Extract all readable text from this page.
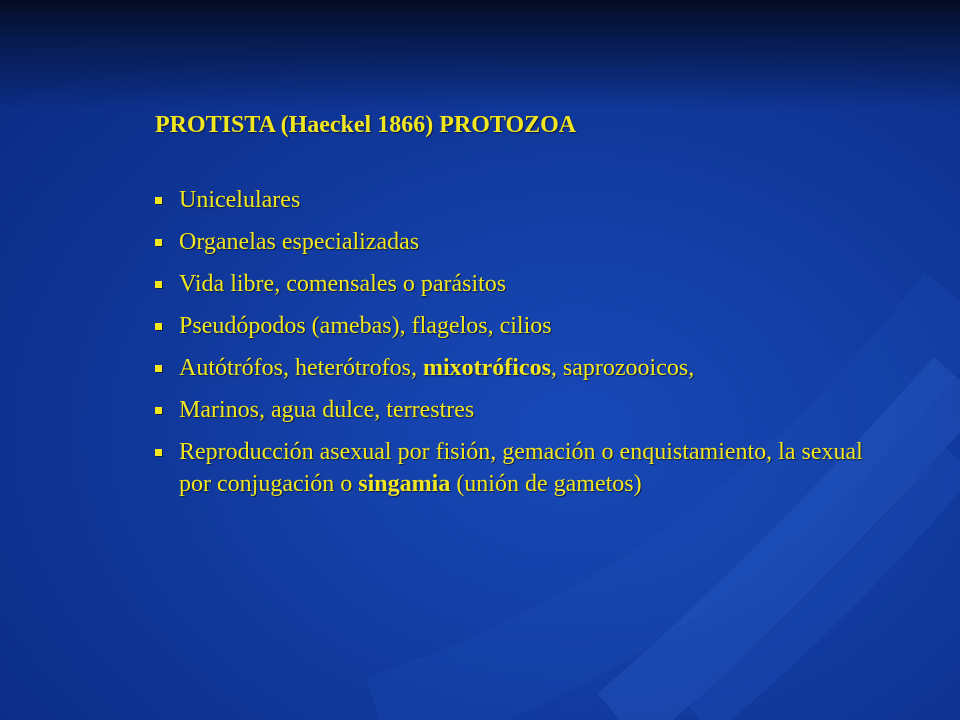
PROTISTA (Haeckel 1866) PROTOZOA
Unicelulares
Organelas especializadas
Vida libre, comensales o parásitos
Pseudópodos (amebas), flagelos, cilios
Autótrófos, heterótrofos, mixotróficos, saprozooicos,
Marinos, agua dulce, terrestres
Reproducción asexual por fisión, gemación o enquistamiento, la sexual por conjugación o singamia (unión de gametos)
